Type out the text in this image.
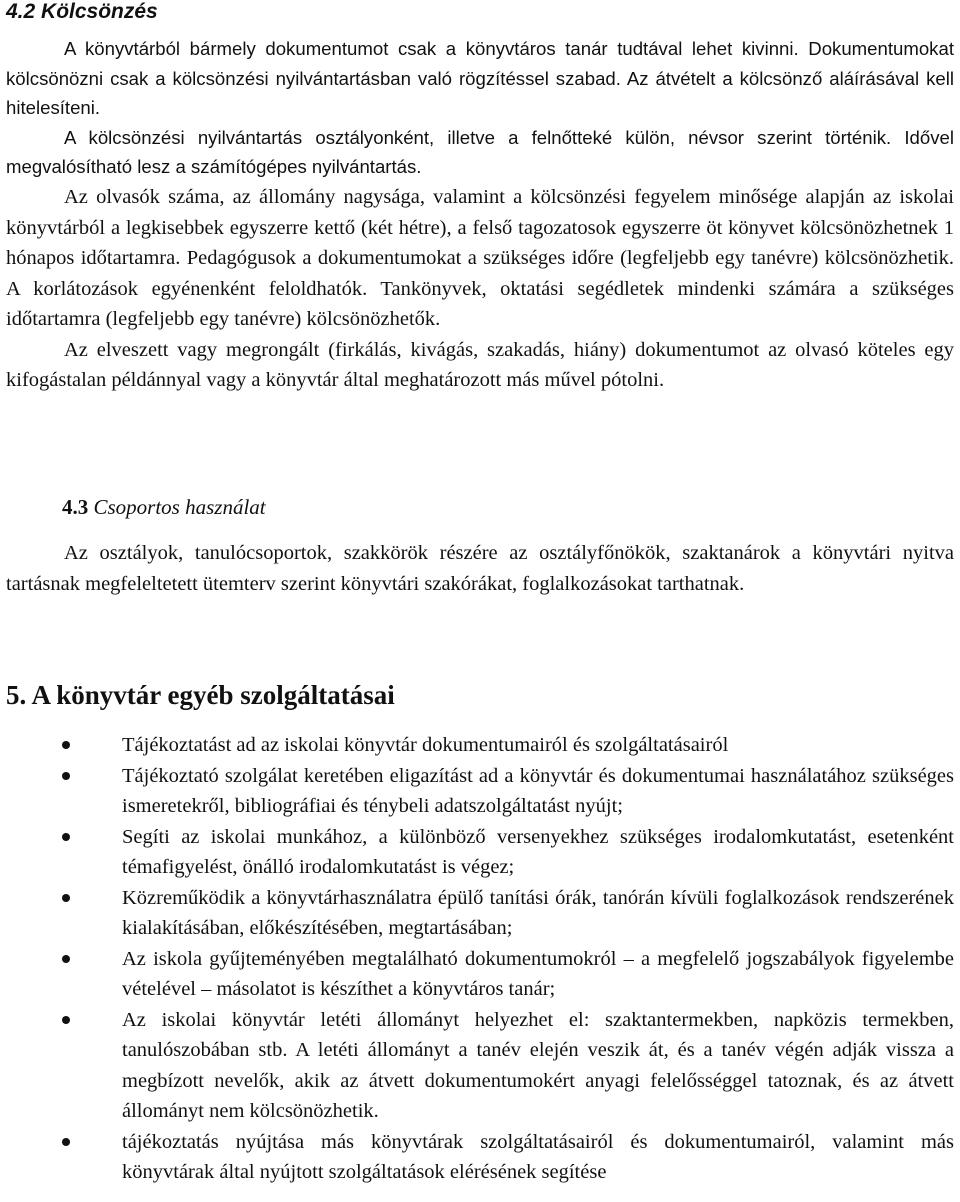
4.2 Kölcsönzés

A könyvtárból bármely dokumentumot csak a könyvtáros tanár tudtával lehet kivinni. Dokumentumokat kölcsönözni csak a kölcsönzési nyilvántartásban való rögzítéssel szabad. Az átvételt a kölcsönző aláírásával kell hitelesíteni.

A kölcsönzési nyilvántartás osztályonként, illetve a felnőtteké külön, névsor szerint történik. Idővel megvalósítható lesz a számítógépes nyilvántartás.

Az olvasók száma, az állomány nagysága, valamint a kölcsönzési fegyelem minősége alapján az iskolai könyvtárból a legkisebbek egyszerre kettő (két hétre), a felső tagozatosok egyszerre öt könyvet kölcsönözhetnek 1 hónapos időtartamra. Pedagógusok a dokumentumokat a szükséges időre (legfeljebb egy tanévre) kölcsönözhetik. A korlátozások egyénenként feloldhatók. Tankönyvek, oktatási segédletek mindenki számára a szükséges időtartamra (legfeljebb egy tanévre) kölcsönözhetők.

Az elveszett vagy megrongált (firkálás, kivágás, szakadás, hiány) dokumentumot az olvasó köteles egy kifogástalan példánnyal vagy a könyvtár által meghatározott más művel pótolni.

4.3 Csoportos használat

Az osztályok, tanulócsoportok, szakkörök részére az osztályfőnökök, szaktanárok a könyvtári nyitva tartásnak megfeleltetett ütemterv szerint könyvtári szakórákat, foglalkozásokat tarthatnak.

5. A könyvtár egyéb szolgáltatásai
Tájékoztatást ad az iskolai könyvtár dokumentumairól és szolgáltatásairól
Tájékoztató szolgálat keretében eligazítást ad a könyvtár és dokumentumai használatához szükséges ismeretekről, bibliográfiai és ténybeli adatszolgáltatást nyújt;
Segíti az iskolai munkához, a különböző versenyekhez szükséges irodalomkutatást, esetenként témafigyelést, önálló irodalomkutatást is végez;
Közreműködik a könyvtárhasználatra épülő tanítási órák, tanórán kívüli foglalkozások rendszerének kialakításában, előkészítésében, megtartásában;
Az iskola gyűjteményében megtalálható dokumentumokról – a megfelelő jogszabályok figyelembe vételével – másolatot is készíthet a könyvtáros tanár;
Az iskolai könyvtár letéti állományt helyezhet el: szaktantermekben, napközis termekben, tanulószobában stb. A letéti állományt a tanév elején veszik át, és a tanév végén adják vissza a megbízott nevelők, akik az átvett dokumentumokért anyagi felelősséggel tatoznak, és az átvett állományt nem kölcsönözhetik.
tájékoztatás nyújtása más könyvtárak szolgáltatásairól és dokumentumairól, valamint más könyvtárak által nyújtott szolgáltatások elérésének segítése
